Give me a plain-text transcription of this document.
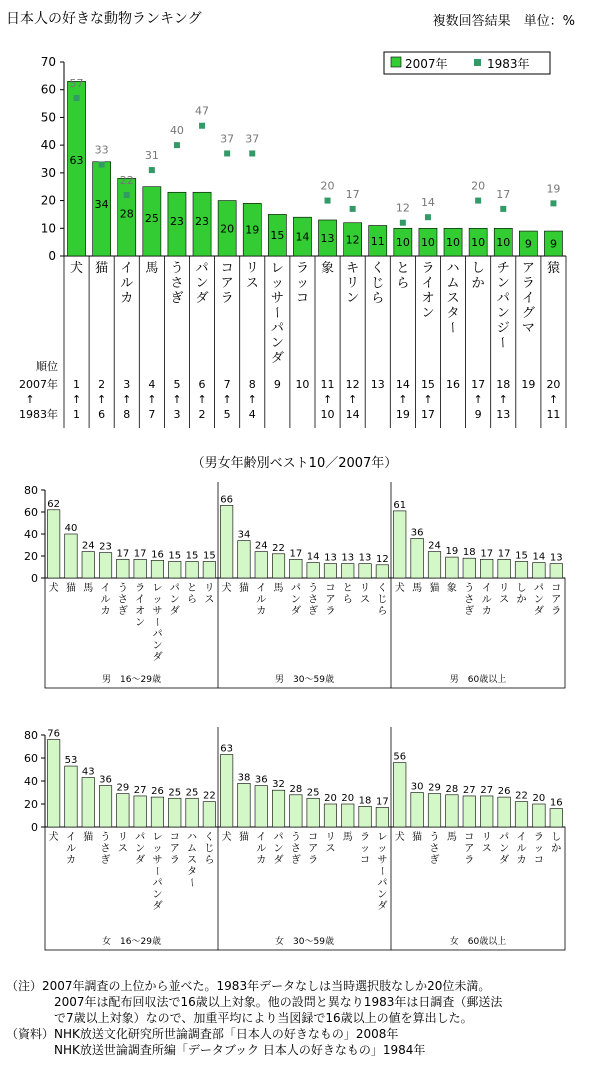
日本人の好きな動物ランキング	複数回答結果　単位：%
0
10
20
30
40
50
60
70
63
57
犬
1
↑
1
34
33
猫
2
↑
6
28
22
イ
ル
カ
3
↑
8
25
31
馬
4
↑
7
23
40
う
さ
ぎ
5
↑
3
23
47
パ
ン
ダ
6
↑
2
20
37
コ
ア
ラ
7
↑
5
19
37
リ
ス
8
↑
4
15
レ
ッ
サ
ー
パ
ン
ダ
9
14
ラ
ッ
コ
10
13
20
象
11
↑
10
12
17
キ
リ
ン
12
↑
14
11
く
じ
ら
13
10
12
と
ら
14
↑
19
10
14
ラ
イ
オ
ン
15
↑
17
10
ハ
ム
ス
タ
ー
16
10
20
し
か
17
↑
9
10
17
チ
ン
パ
ン
ジ
ー
18
↑
13
9
ア
ラ
イ
グ
マ
19
9
19
猿
20
↑
11
順位
2007年
↑
1983年
2007年	1983年
（男女年齢別ベスト10／2007年）
0
20
40
60
80
62
犬
40
猫
24
馬
23
イ
ル
カ
17
う
さ
ぎ
17
ラ
イ
オ
ン
16
レ
ッ
サ
ー
パ
ン
ダ
15
パ
ン
ダ
15
と
ら
15
リ
ス
男　16〜29歳
66
犬
34
猫
24
イ
ル
カ
22
馬
17
パ
ン
ダ
14
う
さ
ぎ
13
コ
ア
ラ
13
と
ら
13
リ
ス
12
く
じ
ら
男　30〜59歳
61
犬
36
馬
24
猫
19
象
18
う
さ
ぎ
17
イ
ル
カ
17
リ
ス
15
し
か
14
パ
ン
ダ
13
コ
ア
ラ
男　60歳以上
0
20
40
60
80 76
犬
53
イ
ル
カ
43
猫
36
う
さ
ぎ
29
リ
ス
27
パ
ン
ダ
26
レ
ッ
サ
ー
パ
ン
ダ
25
コ
ア
ラ
25
ハ
ム
ス
タ
ー
22
く
じ
ら
女　16〜29歳
63
犬
38
猫
36
イ
ル
カ
32
パ
ン
ダ
28
う
さ
ぎ
25
コ
ア
ラ
20
リ
ス
20
馬
18
ラ
ッ
コ
17
レ
ッ
サ
ー
パ
ン
ダ
女　30〜59歳
56
犬
30
猫
29
う
さ
ぎ
28
馬
27
コ
ア
ラ
27
リ
ス
26
パ
ン
ダ
22
イ
ル
カ
20
ラ
ッ
コ
16
し
か
女　60歳以上
（注）2007年調査の上位から並べた。1983年データなしは当時選択肢なしか20位未満。
2007年は配布回収法で16歳以上対象。他の設問と異なり1983年は日調査（郵送法
で7歳以上対象）なので、加重平均により当図録で16歳以上の値を算出した。
（資料）NHK放送文化研究所世論調査部「日本人の好きなもの」2008年
NHK放送世論調査所編「データブック 日本人の好きなもの」1984年
